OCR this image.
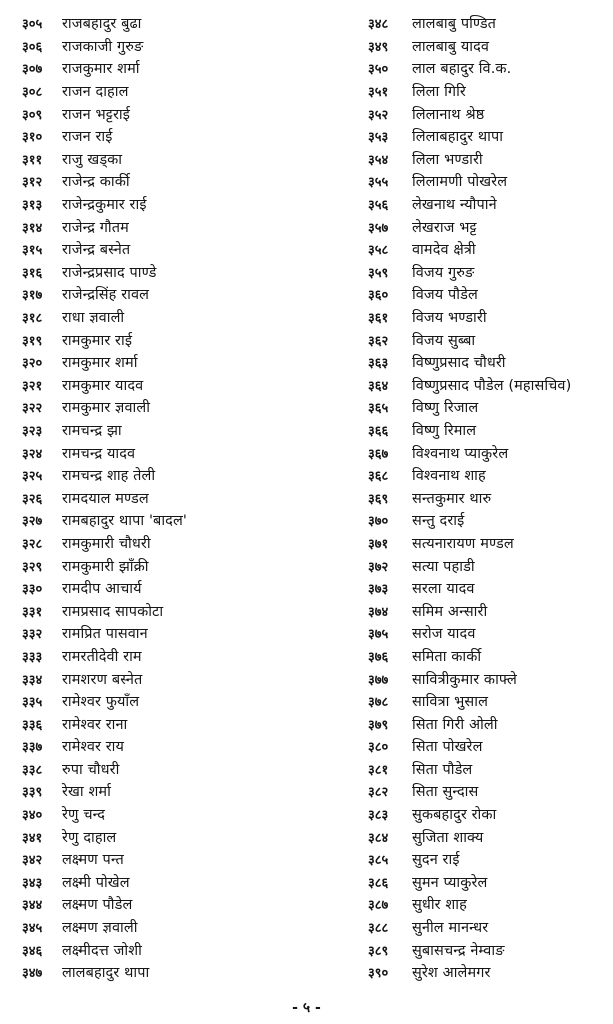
३०५	राजबहादुर बुढा
३०६	राजकाजी गुरुङ
३०७	राजकुमार शर्मा
३०८	राजन दाहाल
३०९	राजन भट्टराई
३१०	राजन राई
३११	राजु खड्का
३१२	राजेन्द्र कार्की
३१३	राजेन्द्रकुमार राई
३१४	राजेन्द्र गौतम
३१५	राजेन्द्र बस्नेत
३१६	राजेन्द्रप्रसाद पाण्डे
३१७	राजेन्द्रसिंह रावल
३१८	राधा ज्ञवाली
३१९	रामकुमार राई
३२०	रामकुमार शर्मा
३२१	रामकुमार यादव
३२२	रामकुमार ज्ञवाली
३२३	रामचन्द्र झा
३२४	रामचन्द्र यादव
३२५	रामचन्द्र शाह तेली
३२६	रामदयाल मण्डल
३२७	रामबहादुर थापा 'बादल'
३२८	रामकुमारी चौधरी
३२९	रामकुमारी झाँक्री
३३०	रामदीप आचार्य
३३१	रामप्रसाद सापकोटा
३३२	रामप्रित पासवान
३३३	रामरतीदेवी राम
३३४	रामशरण बस्नेत
३३५	रामेश्वर फुयाँल
३३६	रामेश्वर राना
३३७	रामेश्वर राय
३३८	रुपा चौधरी
३३९	रेखा शर्मा
३४०	रेणु चन्द
३४१	रेणु दाहाल
३४२	लक्ष्मण पन्त
३४३	लक्ष्मी पोखेल
३४४	लक्ष्मण पौडेल
३४५	लक्ष्मण ज्ञवाली
३४६	लक्ष्मीदत्त जोशी
३४७	लालबहादुर थापा
३४८	लालबाबु पण्डित
३४९	लालबाबु यादव
३५०	लाल बहादुर वि.क.
३५१	लिला गिरि
३५२	लिलानाथ श्रेष्ठ
३५३	लिलाबहादुर थापा
३५४	लिला भण्डारी
३५५	लिलामणी पोखरेल
३५६	लेखनाथ न्यौपाने
३५७	लेखराज भट्ट
३५८	वामदेव क्षेत्री
३५९	विजय गुरुङ
३६०	विजय पौडेल
३६१	विजय भण्डारी
३६२	विजय सुब्बा
३६३	विष्णुप्रसाद चौधरी
३६४	विष्णुप्रसाद पौडेल (महासचिव)
३६५	विष्णु रिजाल
३६६	विष्णु रिमाल
३६७	विश्वनाथ प्याकुरेल
३६८	विश्वनाथ शाह
३६९	सन्तकुमार थारु
३७०	सन्तु दराई
३७१	सत्यनारायण मण्डल
३७२	सत्या पहाडी
३७३	सरला यादव
३७४	समिम अन्सारी
३७५	सरोज यादव
३७६	समिता कार्की
३७७	सावित्रीकुमार काफ्ले
३७८	सावित्रा भुसाल
३७९	सिता गिरी ओली
३८०	सिता पोखरेल
३८१	सिता पौडेल
३८२	सिता सुन्दास
३८३	सुकबहादुर रोका
३८४	सुजिता शाक्य
३८५	सुदन राई
३८६	सुमन प्याकुरेल
३८७	सुधीर शाह
३८८	सुनील मानन्धर
३८९	सुबासचन्द्र नेम्वाङ
३९०	सुरेश आलेमगर
- ५ -
